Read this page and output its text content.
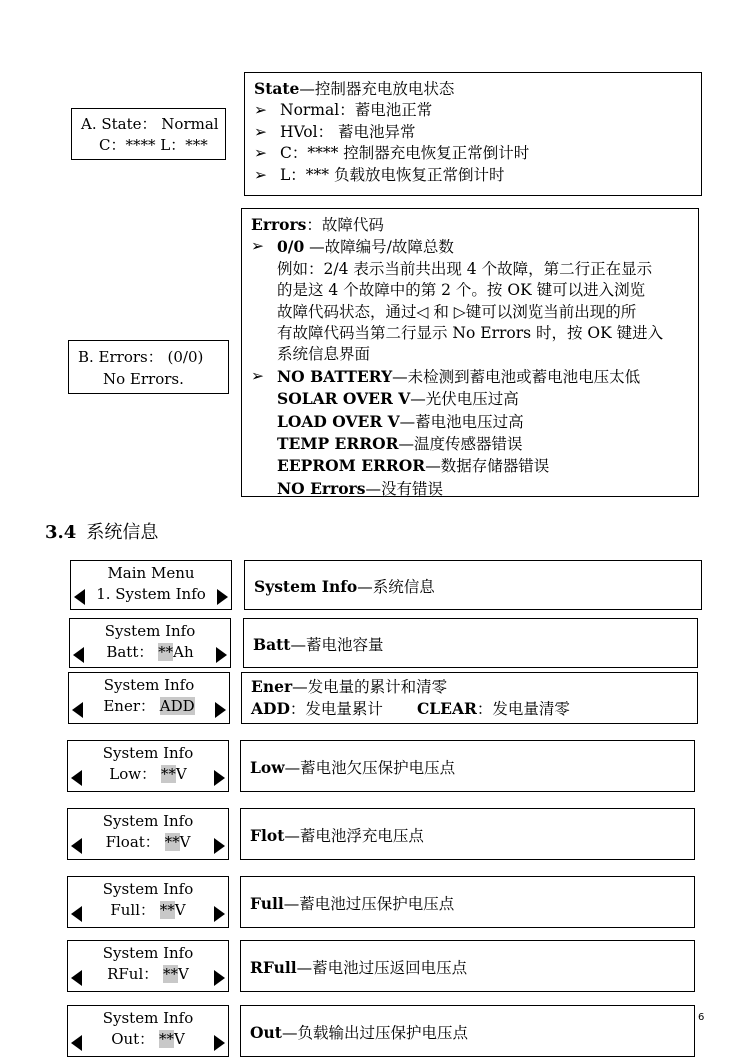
A. State： Normal
C：**** L：***
State—控制器充电放电状态
➢ Normal：蓄电池正常
➢ HVol： 蓄电池异常
➢ C：**** 控制器充电恢复正常倒计时
➢ L：*** 负载放电恢复正常倒计时
B. Errors： (0/0)
No Errors.
Errors：故障代码
➢ 0/0 —故障编号/故障总数
例如：2/4 表示当前共出现 4 个故障，第二行正在显示
的是这 4 个故障中的第 2 个。按 OK 键可以进入浏览
故障代码状态，通过◁ 和 ▷键可以浏览当前出现的所
有故障代码当第二行显示 No Errors 时，按 OK 键进入
系统信息界面
➢ NO BATTERY—未检测到蓄电池或蓄电池电压太低
SOLAR OVER V—光伏电压过高
LOAD OVER V—蓄电池电压过高
TEMP ERROR—温度传感器错误
EEPROM ERROR—数据存储器错误
NO Errors—没有错误
3.4 系统信息
Main Menu
1. System Info	System Info—系统信息
System Info
Batt： **Ah	Batt—蓄电池容量
System Info
Ener： ADD
Ener—发电量的累计和清零
ADD：发电量累计 CLEAR：发电量清零
System Info
Low： **V	Low—蓄电池欠压保护电压点
System Info
Float： **V	Flot—蓄电池浮充电压点
System Info
Full： **V	Full—蓄电池过压保护电压点
System Info
RFul： **V	RFull—蓄电池过压返回电压点
System Info
Out： **V	Out—负载输出过压保护电压点
6
